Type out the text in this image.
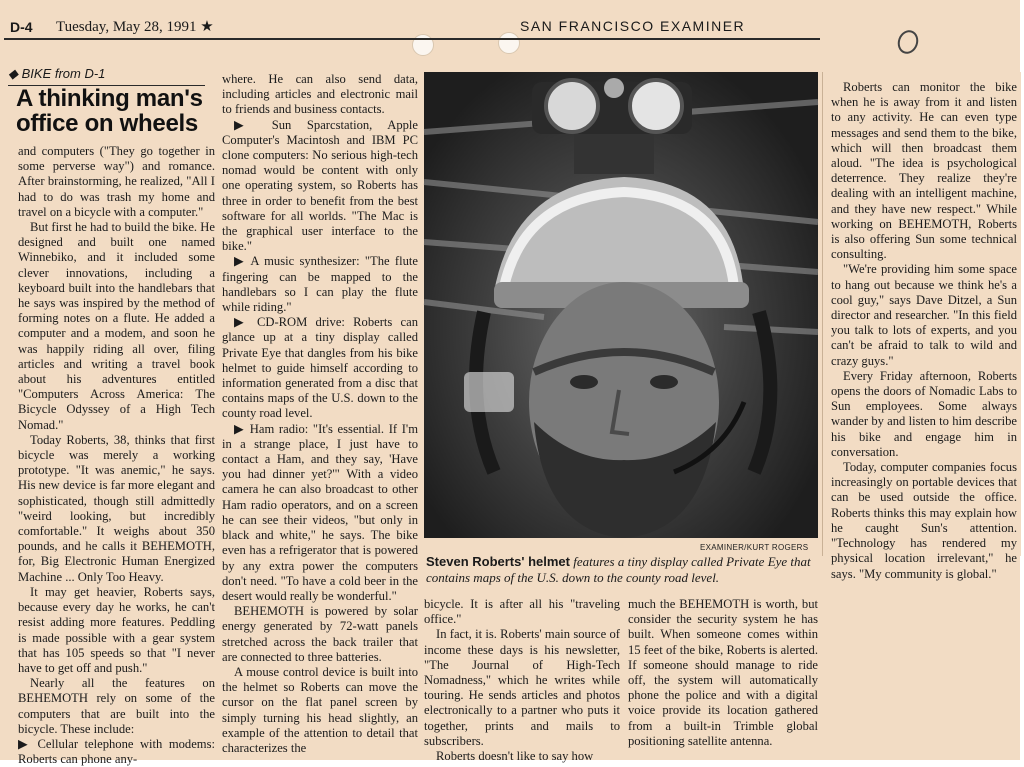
D-4 Tuesday, May 28, 1991 ★	SAN FRANCISCO EXAMINER
◆ BIKE from D-1
A thinking man's office on wheels

and computers ("They go together in some perverse way") and romance. After brainstorming, he realized, "All I had to do was trash my home and travel on a bicycle with a computer."

But first he had to build the bike. He designed and built one named Winnebiko, and it included some clever innovations, including a keyboard built into the handlebars that he says was inspired by the method of forming notes on a flute. He added a computer and a modem, and soon he was happily riding all over, filing articles and writing a travel book about his adventures entitled "Computers Across America: The Bicycle Odyssey of a High Tech Nomad."

Today Roberts, 38, thinks that first bicycle was merely a working prototype. "It was anemic," he says. His new device is far more elegant and sophisticated, though still admittedly "weird looking, but incredibly comfortable." It weighs about 350 pounds, and he calls it BEHEMOTH, for, Big Electronic Human Energized Machine ... Only Too Heavy.

It may get heavier, Roberts says, because every day he works, he can't resist adding more features. Peddling is made possible with a gear system that has 105 speeds so that "I never have to get off and push."

Nearly all the features on BEHEMOTH rely on some of the computers that are built into the bicycle. These include:

▶ Cellular telephone with modems: Roberts can phone any-

where. He can also send data, including articles and electronic mail to friends and business contacts.

▶ Sun Sparcstation, Apple Computer's Macintosh and IBM PC clone computers: No serious high-tech nomad would be content with only one operating system, so Roberts has three in order to benefit from the best software for all worlds. "The Mac is the graphical user interface to the bike."

▶ A music synthesizer: "The flute fingering can be mapped to the handlebars so I can play the flute while riding."

▶ CD-ROM drive: Roberts can glance up at a tiny display called Private Eye that dangles from his bike helmet to guide himself according to information generated from a disc that contains maps of the U.S. down to the county road level.

▶ Ham radio: "It's essential. If I'm in a strange place, I just have to contact a Ham, and they say, 'Have you had dinner yet?'" With a video camera he can also broadcast to other Ham radio operators, and on a screen he can see their videos, "but only in black and white," he says. The bike even has a refrigerator that is powered by any extra power the computers don't need. "To have a cold beer in the desert would really be wonderful."

BEHEMOTH is powered by solar energy generated by 72-watt panels stretched across the back trailer that are connected to three batteries.

A mouse control device is built into the helmet so Roberts can move the cursor on the flat panel screen by simply turning his head slightly, an example of the attention to detail that characterizes the

EXAMINER/KURT ROGERS
Steven Roberts' helmet features a tiny display called Private Eye that contains maps of the U.S. down to the county road level.

bicycle. It is after all his "traveling office."

In fact, it is. Roberts' main source of income these days is his newsletter, "The Journal of High-Tech Nomadness," which he writes while touring. He sends articles and photos electronically to a partner who puts it together, prints and mails to subscribers.

Roberts doesn't like to say how

much the BEHEMOTH is worth, but consider the security system he has built. When someone comes within 15 feet of the bike, Roberts is alerted. If someone should manage to ride off, the system will automatically phone the police and with a digital voice provide its location gathered from a built-in Trimble global positioning satellite antenna.

Roberts can monitor the bike when he is away from it and listen to any activity. He can even type messages and send them to the bike, which will then broadcast them aloud. "The idea is psychological deterrence. They realize they're dealing with an intelligent machine, and they have new respect." While working on BEHEMOTH, Roberts is also offering Sun some technical consulting.

"We're providing him some space to hang out because we think he's a cool guy," says Dave Ditzel, a Sun director and researcher. "In this field you talk to lots of experts, and you can't be afraid to talk to wild and crazy guys."

Every Friday afternoon, Roberts opens the doors of Nomadic Labs to Sun employees. Some always wander by and listen to him describe his bike and engage him in conversation.

Today, computer companies focus increasingly on portable devices that can be used outside the office. Roberts thinks this may explain how he caught Sun's attention. "Technology has rendered my physical location irrelevant," he says. "My community is global."
